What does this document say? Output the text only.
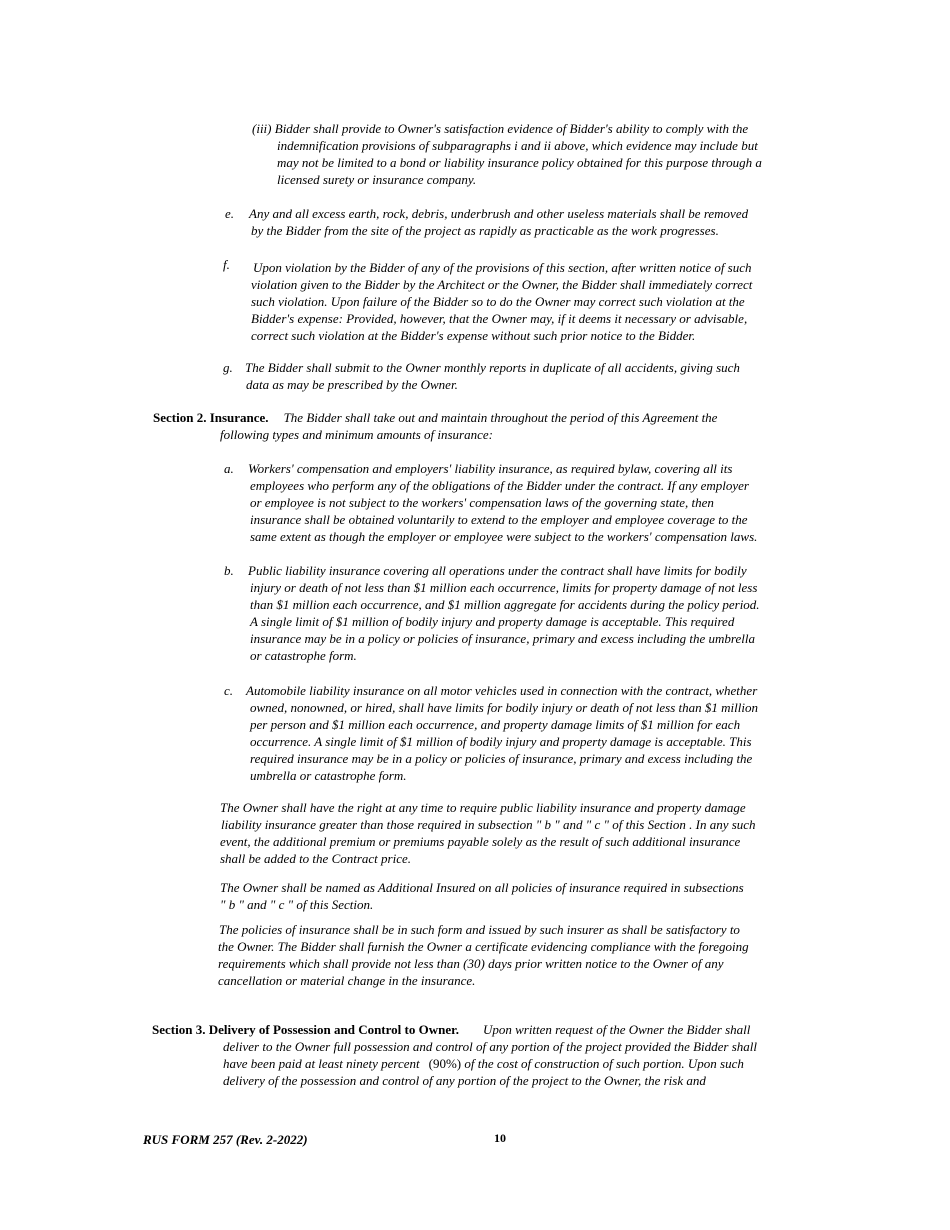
(iii) Bidder shall provide to Owner's satisfaction evidence of Bidder's ability to comply with the
indemnification provisions of subparagraphs i and ii above, which evidence may include but
may not be limited to a bond or liability insurance policy obtained for this purpose through a
licensed surety or insurance company.
e. Any and all excess earth, rock, debris, underbrush and other useless materials shall be removed
by the Bidder from the site of the project as rapidly as practicable as the work progresses.
f. Upon violation by the Bidder of any of the provisions of this section, after written notice of such
violation given to the Bidder by the Architect or the Owner, the Bidder shall immediately correct
such violation. Upon failure of the Bidder so to do the Owner may correct such violation at the
Bidder's expense: Provided, however, that the Owner may, if it deems it necessary or advisable,
correct such violation at the Bidder's expense without such prior notice to the Bidder.
g. The Bidder shall submit to the Owner monthly reports in duplicate of all accidents, giving such
data as may be prescribed by the Owner.
Section 2. Insurance. The Bidder shall take out and maintain throughout the period of this Agreement the
following types and minimum amounts of insurance:
a. Workers' compensation and employers' liability insurance, as required bylaw, covering all its
employees who perform any of the obligations of the Bidder under the contract. If any employer
or employee is not subject to the workers' compensation laws of the governing state, then
insurance shall be obtained voluntarily to extend to the employer and employee coverage to the
same extent as though the employer or employee were subject to the workers' compensation laws.
b. Public liability insurance covering all operations under the contract shall have limits for bodily
injury or death of not less than $1 million each occurrence, limits for property damage of not less
than $1 million each occurrence, and $1 million aggregate for accidents during the policy period.
A single limit of $1 million of bodily injury and property damage is acceptable. This required
insurance may be in a policy or policies of insurance, primary and excess including the umbrella
or catastrophe form.
c. Automobile liability insurance on all motor vehicles used in connection with the contract, whether
owned, nonowned, or hired, shall have limits for bodily injury or death of not less than $1 million
per person and $1 million each occurrence, and property damage limits of $1 million for each
occurrence. A single limit of $1 million of bodily injury and property damage is acceptable. This
required insurance may be in a policy or policies of insurance, primary and excess including the
umbrella or catastrophe form.
The Owner shall have the right at any time to require public liability insurance and property damage
liability insurance greater than those required in subsection " b " and " c " of this Section . In any such
event, the additional premium or premiums payable solely as the result of such additional insurance
shall be added to the Contract price.
The Owner shall be named as Additional Insured on all policies of insurance required in subsections
" b " and " c " of this Section.
The policies of insurance shall be in such form and issued by such insurer as shall be satisfactory to
the Owner. The Bidder shall furnish the Owner a certificate evidencing compliance with the foregoing
requirements which shall provide not less than (30) days prior written notice to the Owner of any
cancellation or material change in the insurance.
Section 3. Delivery of Possession and Control to Owner. Upon written request of the Owner the Bidder shall
deliver to the Owner full possession and control of any portion of the project provided the Bidder shall
have been paid at least ninety percent (90%) of the cost of construction of such portion. Upon such
delivery of the possession and control of any portion of the project to the Owner, the risk and
RUS FORM 257 (Rev. 2-2022)	10
